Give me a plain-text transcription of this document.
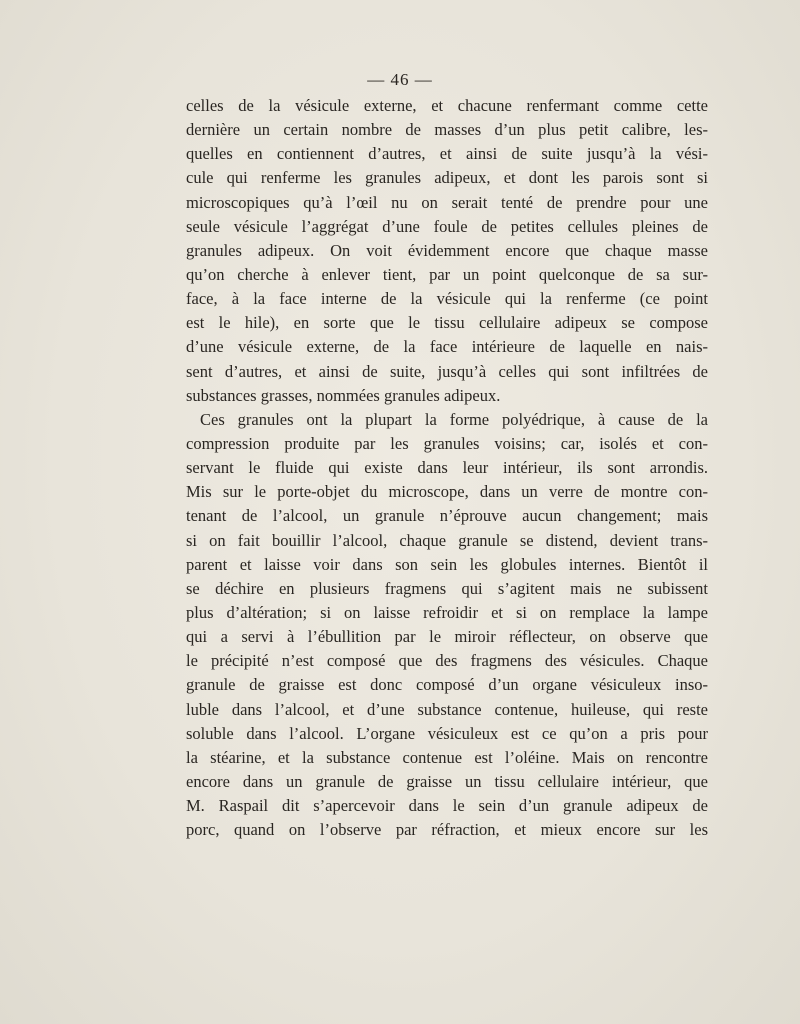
— 46 —
celles de la vésicule externe, et chacune renfermant comme cette
dernière un certain nombre de masses d’un plus petit calibre, les-
quelles en contiennent d’autres, et ainsi de suite jusqu’à la vési-
cule qui renferme les granules adipeux, et dont les parois sont si
microscopiques qu’à l’œil nu on serait tenté de prendre pour une
seule vésicule l’aggrégat d’une foule de petites cellules pleines de
granules adipeux. On voit évidemment encore que chaque masse
qu’on cherche à enlever tient, par un point quelconque de sa sur-
face, à la face interne de la vésicule qui la renferme (ce point
est le hile), en sorte que le tissu cellulaire adipeux se compose
d’une vésicule externe, de la face intérieure de laquelle en nais-
sent d’autres, et ainsi de suite, jusqu’à celles qui sont infiltrées de
substances grasses, nommées granules adipeux.
Ces granules ont la plupart la forme polyédrique, à cause de la
compression produite par les granules voisins; car, isolés et con-
servant le fluide qui existe dans leur intérieur, ils sont arrondis.
Mis sur le porte-objet du microscope, dans un verre de montre con-
tenant de l’alcool, un granule n’éprouve aucun changement; mais
si on fait bouillir l’alcool, chaque granule se distend, devient trans-
parent et laisse voir dans son sein les globules internes. Bientôt il
se déchire en plusieurs fragmens qui s’agitent mais ne subissent
plus d’altération; si on laisse refroidir et si on remplace la lampe
qui a servi à l’ébullition par le miroir réflecteur, on observe que
le précipité n’est composé que des fragmens des vésicules. Chaque
granule de graisse est donc composé d’un organe vésiculeux inso-
luble dans l’alcool, et d’une substance contenue, huileuse, qui reste
soluble dans l’alcool. L’organe vésiculeux est ce qu’on a pris pour
la stéarine, et la substance contenue est l’oléine. Mais on rencontre
encore dans un granule de graisse un tissu cellulaire intérieur, que
M. Raspail dit s’apercevoir dans le sein d’un granule adipeux de
porc, quand on l’observe par réfraction, et mieux encore sur les
